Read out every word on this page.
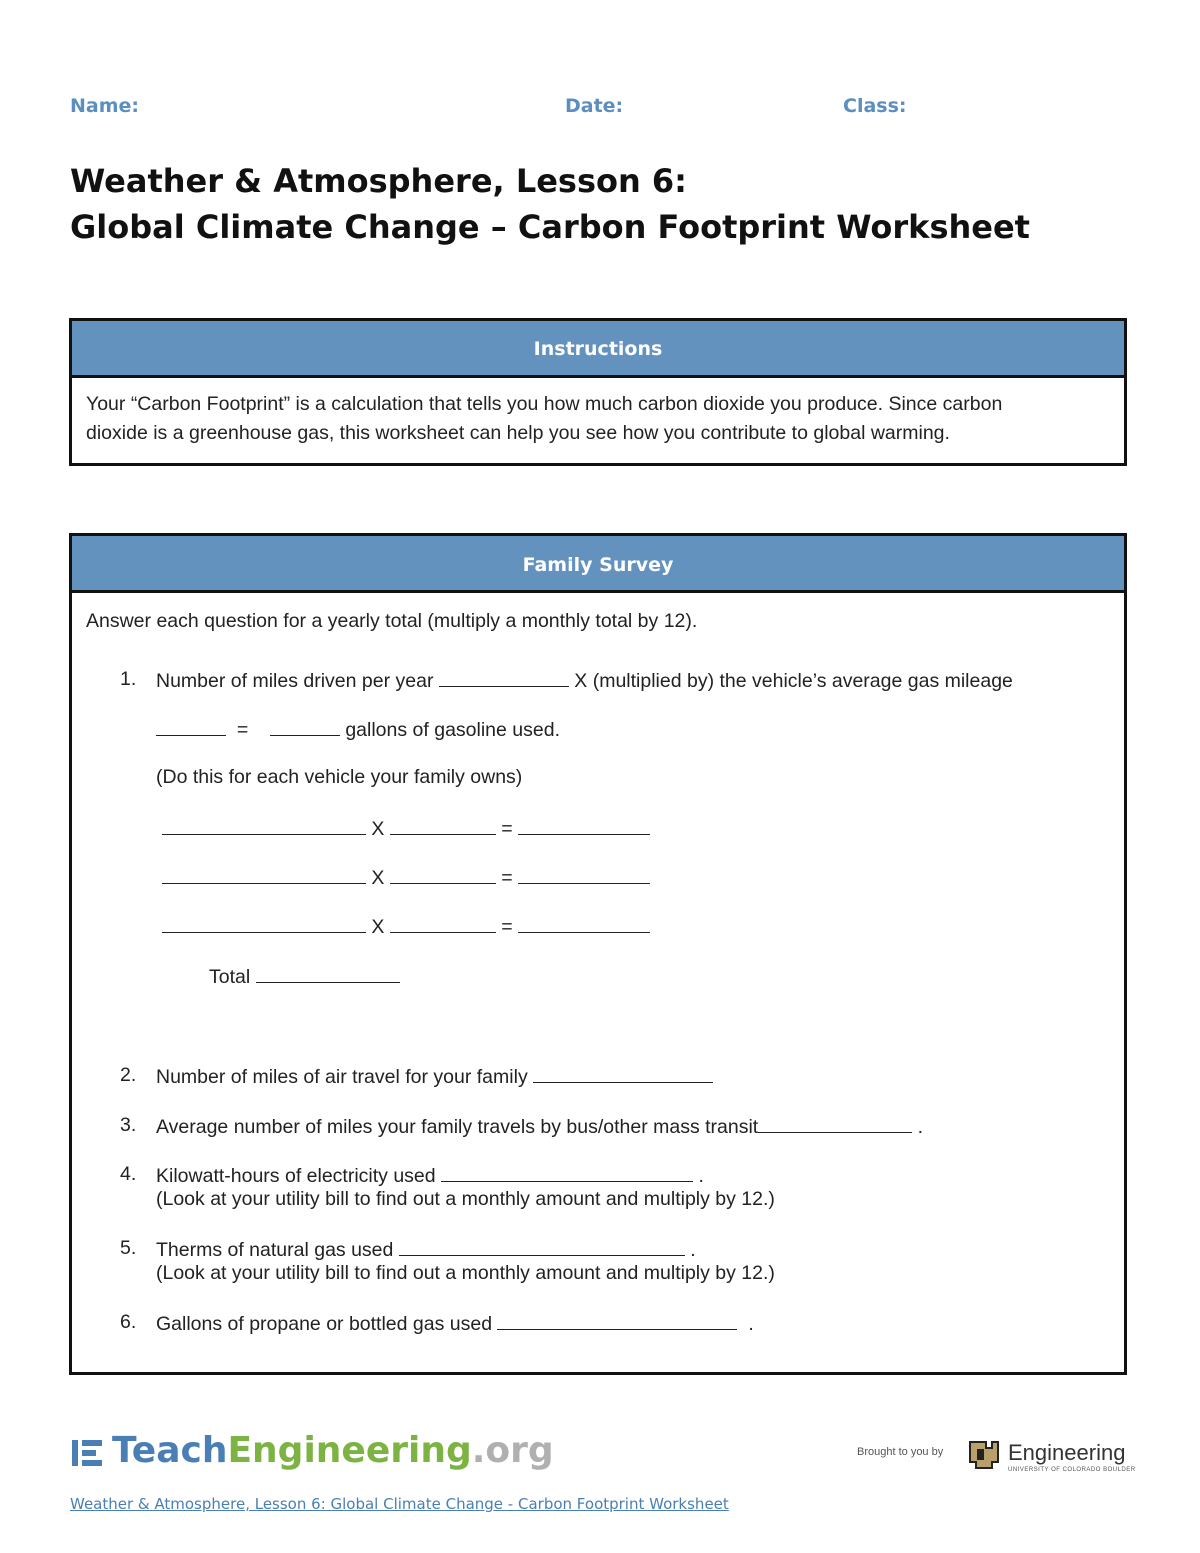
Name:	Date:	Class:
Weather & Atmosphere, Lesson 6:
Global Climate Change – Carbon Footprint Worksheet
Instructions
Your “Carbon Footprint” is a calculation that tells you how much carbon dioxide you produce. Since carbon
dioxide is a greenhouse gas, this worksheet can help you see how you contribute to global warming.
Family Survey
Answer each question for a yearly total (multiply a monthly total by 12).
1. Number of miles driven per year	X (multiplied by) the vehicle’s average gas mileage
=	gallons of gasoline used.
(Do this for each vehicle your family owns)
X	=
X	=
X	=
Total
2. Number of miles of air travel for your family
3. Average number of miles your family travels by bus/other mass transit	.
4. Kilowatt-hours of electricity used	.
(Look at your utility bill to find out a monthly amount and multiply by 12.)
5. Therms of natural gas used	.
(Look at your utility bill to find out a monthly amount and multiply by 12.)
6. Gallons of propane or bottled gas used	.
TeachEngineering.org	Brought to you by	Engineering
UNIVERSITY OF COLORADO BOULDER
Weather & Atmosphere, Lesson 6: Global Climate Change - Carbon Footprint Worksheet
